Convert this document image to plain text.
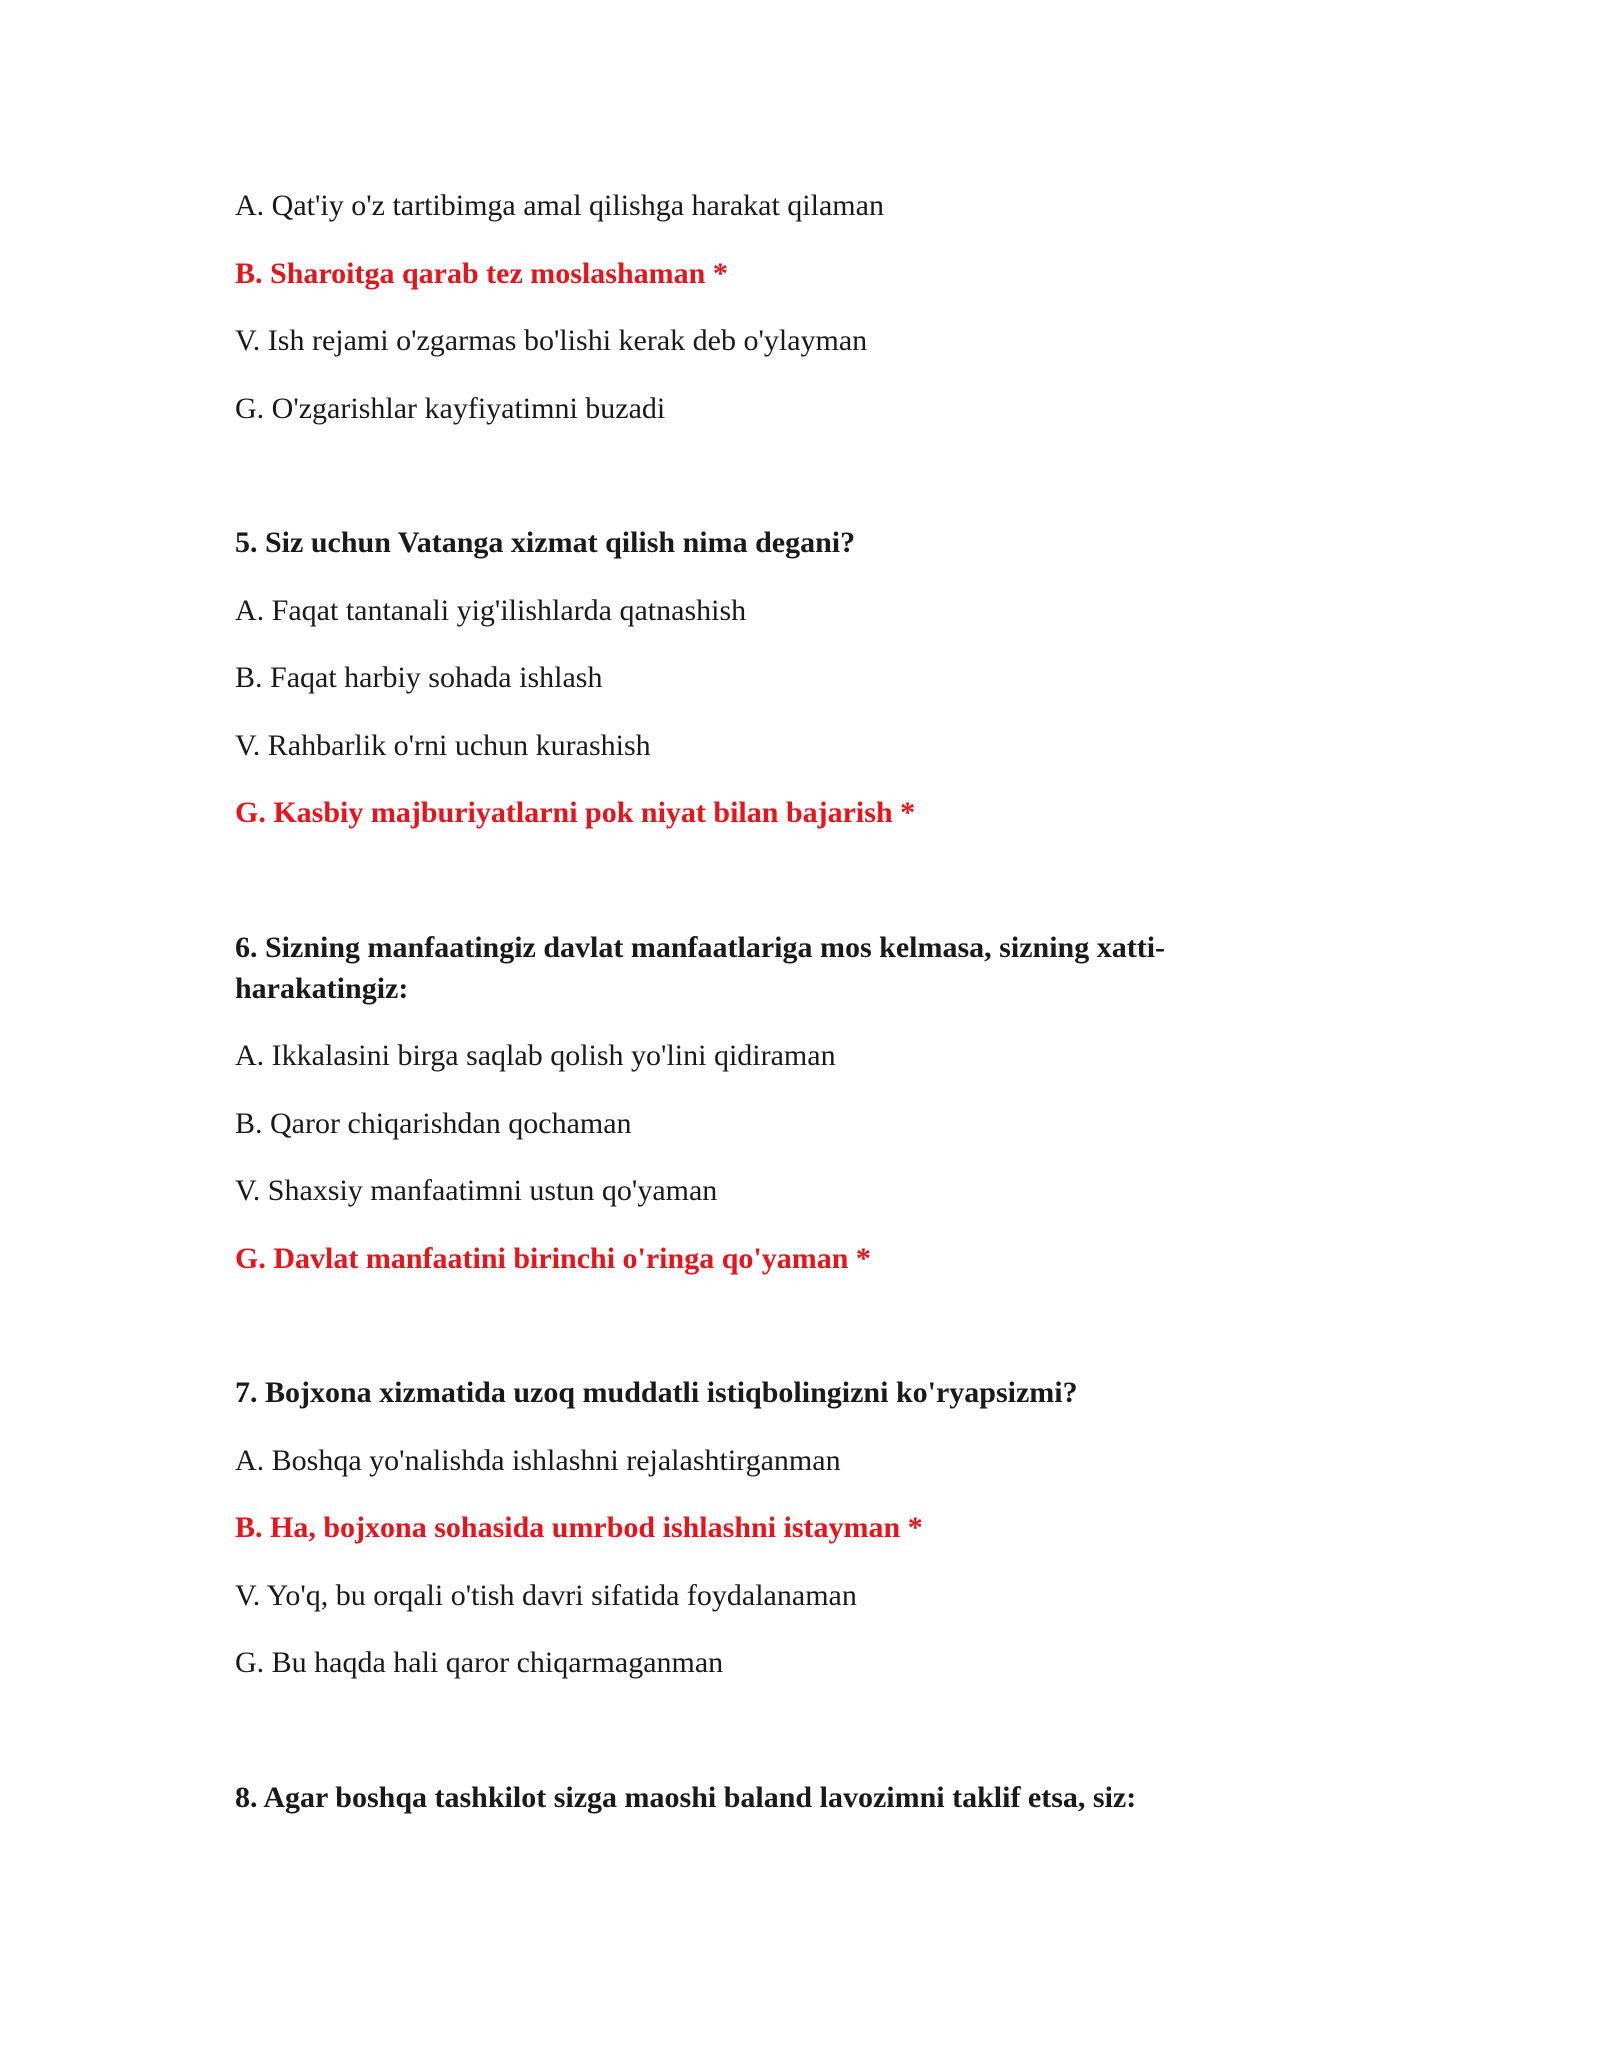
A. Qat'iy o'z tartibimga amal qilishga harakat qilaman
B. Sharoitga qarab tez moslashaman *
V. Ish rejami o'zgarmas bo'lishi kerak deb o'ylayman
G. O'zgarishlar kayfiyatimni buzadi
5. Siz uchun Vatanga xizmat qilish nima degani?
A. Faqat tantanali yig'ilishlarda qatnashish
B. Faqat harbiy sohada ishlash
V. Rahbarlik o'rni uchun kurashish
G. Kasbiy majburiyatlarni pok niyat bilan bajarish *
6. Sizning manfaatingiz davlat manfaatlariga mos kelmasa, sizning xatti-harakatingiz:
A. Ikkalasini birga saqlab qolish yo'lini qidiraman
B. Qaror chiqarishdan qochaman
V. Shaxsiy manfaatimni ustun qo'yaman
G. Davlat manfaatini birinchi o'ringa qo'yaman *
7. Bojxona xizmatida uzoq muddatli istiqbolingizni ko'ryapsizmi?
A. Boshqa yo'nalishda ishlashni rejalashtirganman
B. Ha, bojxona sohasida umrbod ishlashni istayman *
V. Yo'q, bu orqali o'tish davri sifatida foydalanaman
G. Bu haqda hali qaror chiqarmaganman
8. Agar boshqa tashkilot sizga maoshi baland lavozimni taklif etsa, siz:
